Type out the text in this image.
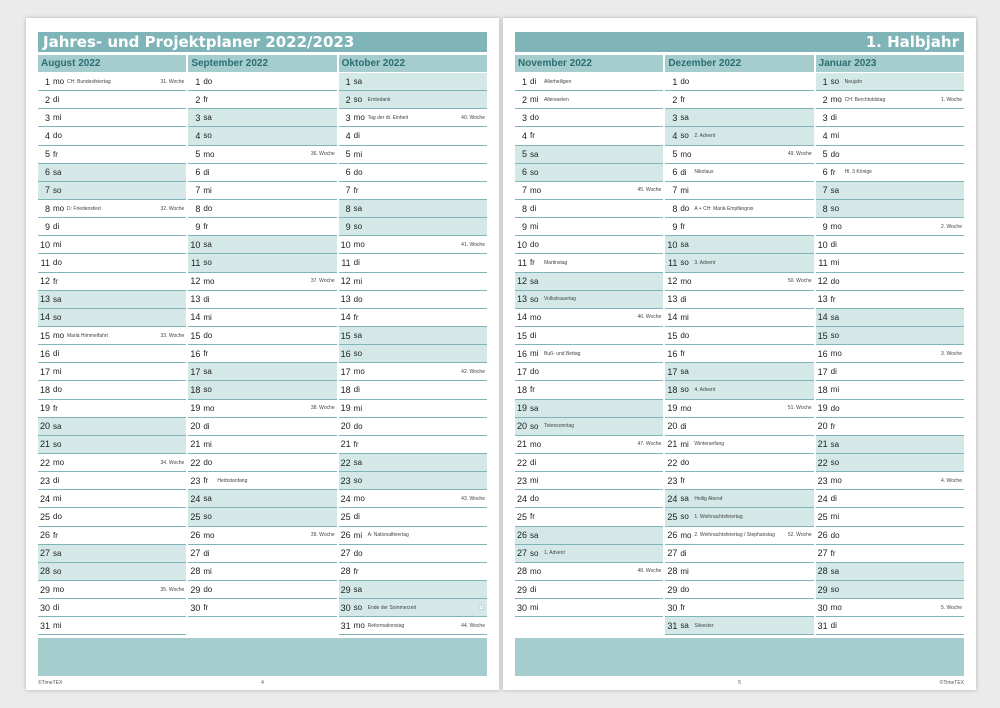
Jahres- und Projektplaner 2022/2023
August 2022
1 mo CH: Bundesfeiertag	31. Woche
2 di
3 mi
4 do
5 fr
6 sa
7 so
8 mo D: Friedensfest	32. Woche
9 di
10 mi
11 do
12 fr
13 sa
14 so
15 mo Mariä Himmelfahrt	33. Woche
16 di
17 mi
18 do
19 fr
20 sa
21 so
22 mo	34. Woche
23 di
24 mi
25 do
26 fr
27 sa
28 so
29 mo	35. Woche
30 di
31 mi
September 2022
1 do
2 fr
3 sa
4 so
5 mo	36. Woche
6 di
7 mi
8 do
9 fr
10 sa
11 so
12 mo	37. Woche
13 di
14 mi
15 do
16 fr
17 sa
18 so
19 mo	38. Woche
20 di
21 mi
22 do
23 fr	Herbstanfang
24 sa
25 so
26 mo	39. Woche
27 di
28 mi
29 do
30 fr
Oktober 2022
1 sa
2 so	Erntedank
3 mo Tag der dt. Einheit	40. Woche
4 di
5 mi
6 do
7 fr
8 sa
9 so
10 mo	41. Woche
11 di
12 mi
13 do
14 fr
15 sa
16 so
17 mo	42. Woche
18 di
19 mi
20 do
21 fr
22 sa
23 so
24 mo	43. Woche
25 di
26 mi	A: Nationalfeiertag
27 do
28 fr
29 sa
30 so	Ende der Sommerzeit	🕒
31 mo Reformationstag	44. Woche
©TimeTEX	4
1. Halbjahr
November 2022
1 di	Allerheiligen
2 mi	Allerseelen
3 do
4 fr
5 sa
6 so
7 mo	45. Woche
8 di
9 mi
10 do
11 fr	Martinstag
12 sa
13 so	Volkstrauertag
14 mo	46. Woche
15 di
16 mi	Buß- und Bettag
17 do
18 fr
19 sa
20 so	Totensonntag
21 mo	47. Woche
22 di
23 mi
24 do
25 fr
26 sa
27 so	1. Advent
28 mo	48. Woche
29 di
30 mi
Dezember 2022
1 do
2 fr
3 sa
4 so	2. Advent
5 mo	49. Woche
6 di	Nikolaus
7 mi
8 do	A + CH: Mariä Empfängnis
9 fr
10 sa
11 so	3. Advent
12 mo	50. Woche
13 di
14 mi
15 do
16 fr
17 sa
18 so	4. Advent
19 mo	51. Woche
20 di
21 mi	Winteranfang
22 do
23 fr
24 sa	Heilig Abend
25 so	1. Weihnachtsfeiertag
26 mo 2. Weihnachtsfeiertag / Stephanstag	52. Woche
27 di
28 mi
29 do
30 fr
31 sa	Silvester
Januar 2023
1 so	Neujahr
2 mo CH: Berchtoldstag	1. Woche
3 di
4 mi
5 do
6 fr	Hl. 3 Könige
7 sa
8 so
9 mo	2. Woche
10 di
11 mi
12 do
13 fr
14 sa
15 so
16 mo	3. Woche
17 di
18 mi
19 do
20 fr
21 sa
22 so
23 mo	4. Woche
24 di
25 mi
26 do
27 fr
28 sa
29 so
30 mo	5. Woche
31 di
5	©TimeTEX
